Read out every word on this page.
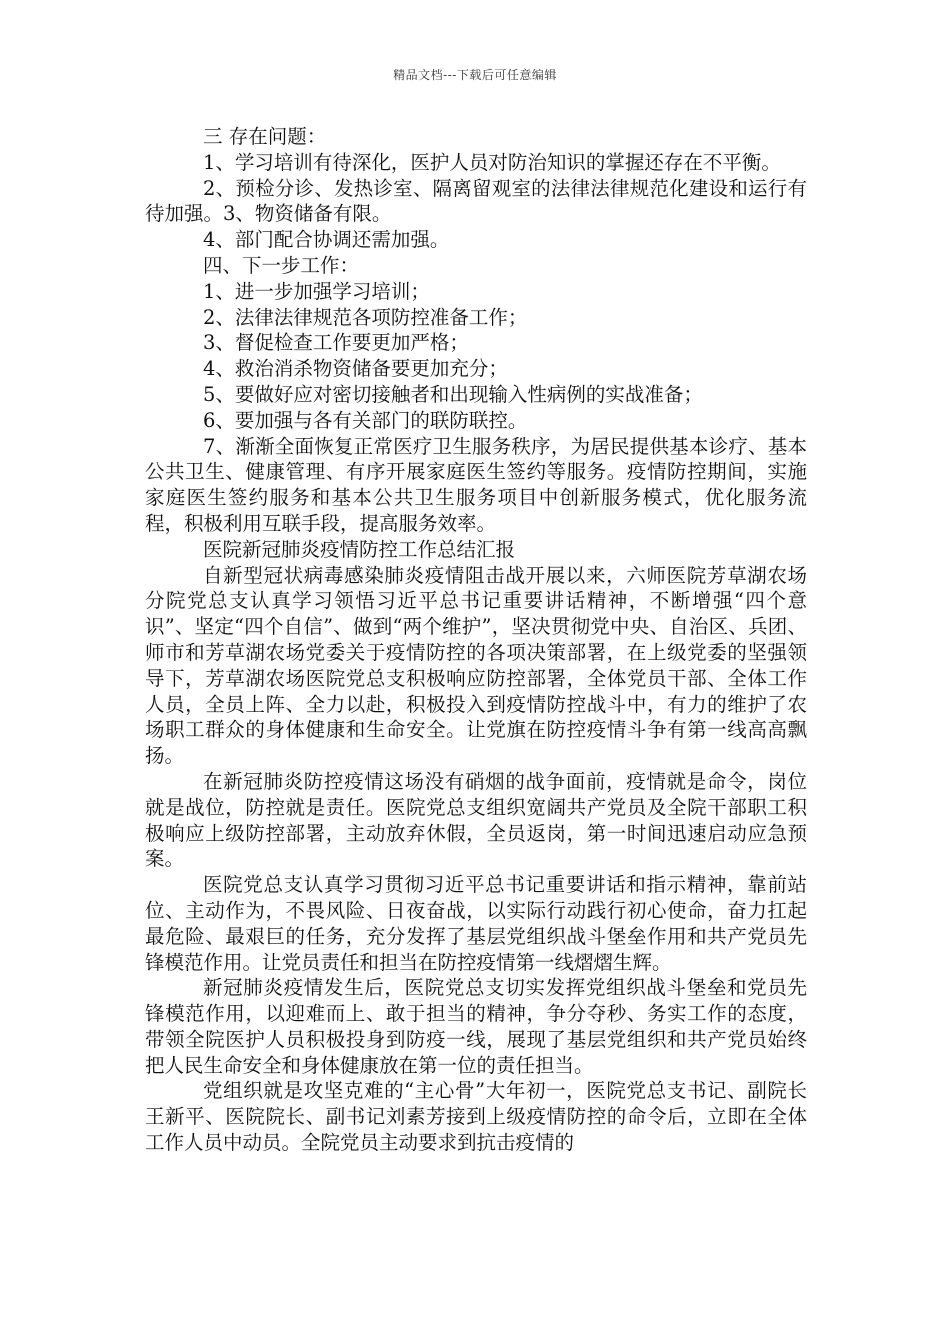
精品文档---下载后可任意编辑

三 存在问题：

1、学习培训有待深化，医护人员对防治知识的掌握还存在不平衡。

2、预检分诊、发热诊室、隔离留观室的法律法律规范化建设和运行有待加强。3、物资储备有限。

4、部门配合协调还需加强。

四、下一步工作：

1、进一步加强学习培训；

2、法律法律规范各项防控准备工作；

3、督促检查工作要更加严格；

4、救治消杀物资储备要更加充分；

5、要做好应对密切接触者和出现输入性病例的实战准备；

6、要加强与各有关部门的联防联控。

7、渐渐全面恢复正常医疗卫生服务秩序，为居民提供基本诊疗、基本公共卫生、健康管理、有序开展家庭医生签约等服务。疫情防控期间，实施家庭医生签约服务和基本公共卫生服务项目中创新服务模式，优化服务流程，积极利用互联手段，提高服务效率。

医院新冠肺炎疫情防控工作总结汇报

自新型冠状病毒感染肺炎疫情阻击战开展以来，六师医院芳草湖农场分院党总支认真学习领悟习近平总书记重要讲话精神，不断增强“四个意识”、坚定“四个自信”、做到“两个维护”，坚决贯彻党中央、自治区、兵团、师市和芳草湖农场党委关于疫情防控的各项决策部署，在上级党委的坚强领导下，芳草湖农场医院党总支积极响应防控部署，全体党员干部、全体工作人员，全员上阵、全力以赴，积极投入到疫情防控战斗中，有力的维护了农场职工群众的身体健康和生命安全。让党旗在防控疫情斗争有第一线高高飘扬。

在新冠肺炎防控疫情这场没有硝烟的战争面前，疫情就是命令，岗位就是战位，防控就是责任。医院党总支组织宽阔共产党员及全院干部职工积极响应上级防控部署，主动放弃休假，全员返岗，第一时间迅速启动应急预案。

医院党总支认真学习贯彻习近平总书记重要讲话和指示精神，靠前站位、主动作为，不畏风险、日夜奋战，以实际行动践行初心使命，奋力扛起最危险、最艰巨的任务，充分发挥了基层党组织战斗堡垒作用和共产党员先锋模范作用。让党员责任和担当在防控疫情第一线熠熠生辉。

新冠肺炎疫情发生后，医院党总支切实发挥党组织战斗堡垒和党员先锋模范作用，以迎难而上、敢于担当的精神，争分夺秒、务实工作的态度，带领全院医护人员积极投身到防疫一线，展现了基层党组织和共产党员始终把人民生命安全和身体健康放在第一位的责任担当。

党组织就是攻坚克难的“主心骨”大年初一，医院党总支书记、副院长王新平、医院院长、副书记刘素芳接到上级疫情防控的命令后，立即在全体工作人员中动员。全院党员主动要求到抗击疫情的
